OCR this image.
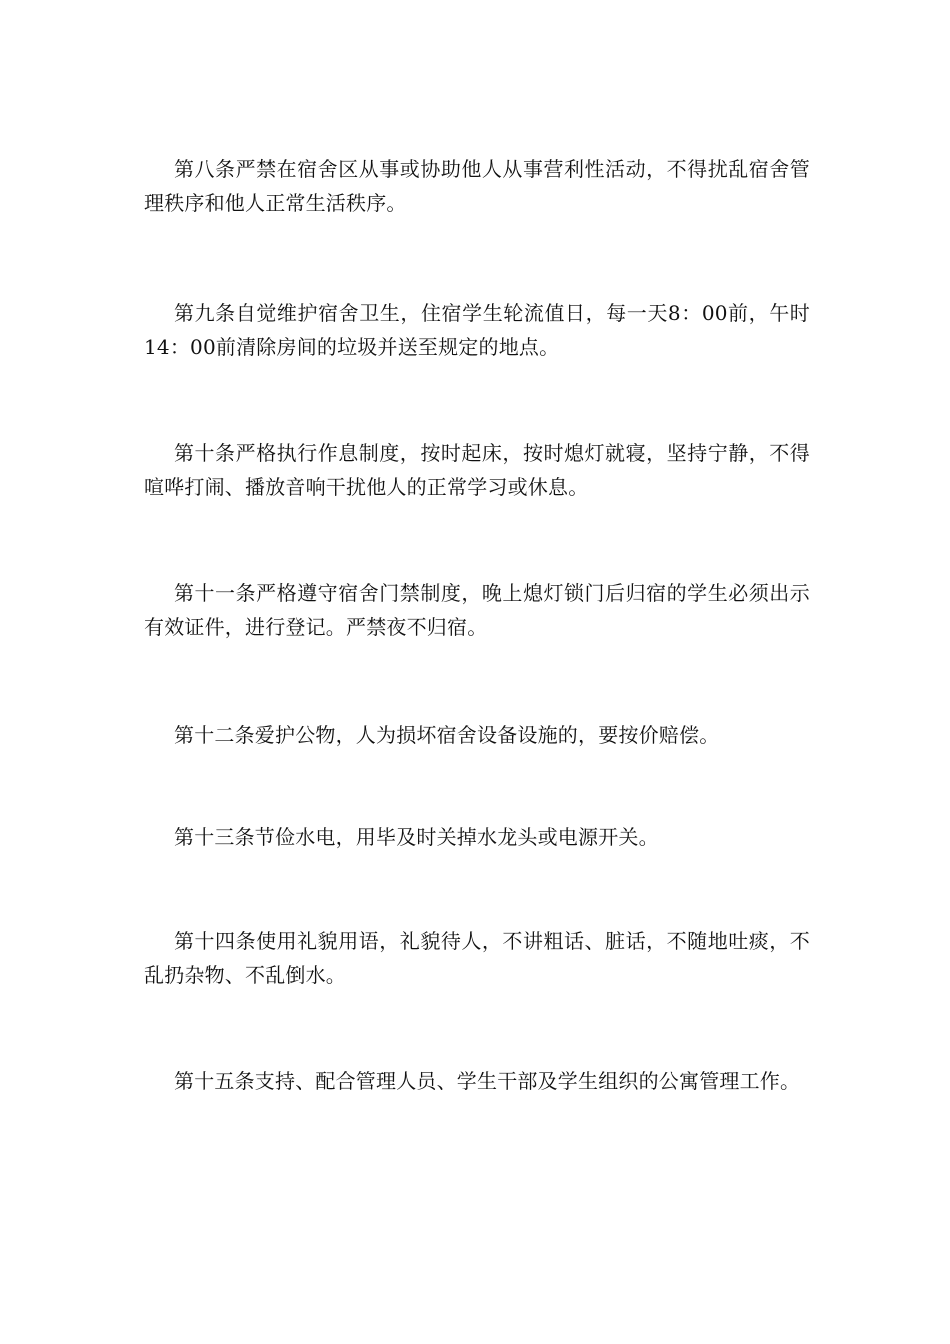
第八条严禁在宿舍区从事或协助他人从事营利性活动，不得扰乱宿舍管理秩序和他人正常生活秩序。

第九条自觉维护宿舍卫生，住宿学生轮流值日，每一天8：00前，午时14：00前清除房间的垃圾并送至规定的地点。

第十条严格执行作息制度，按时起床，按时熄灯就寝，坚持宁静，不得喧哗打闹、播放音响干扰他人的正常学习或休息。

第十一条严格遵守宿舍门禁制度，晚上熄灯锁门后归宿的学生必须出示有效证件，进行登记。严禁夜不归宿。

第十二条爱护公物，人为损坏宿舍设备设施的，要按价赔偿。

第十三条节俭水电，用毕及时关掉水龙头或电源开关。

第十四条使用礼貌用语，礼貌待人，不讲粗话、脏话，不随地吐痰，不乱扔杂物、不乱倒水。

第十五条支持、配合管理人员、学生干部及学生组织的公寓管理工作。
